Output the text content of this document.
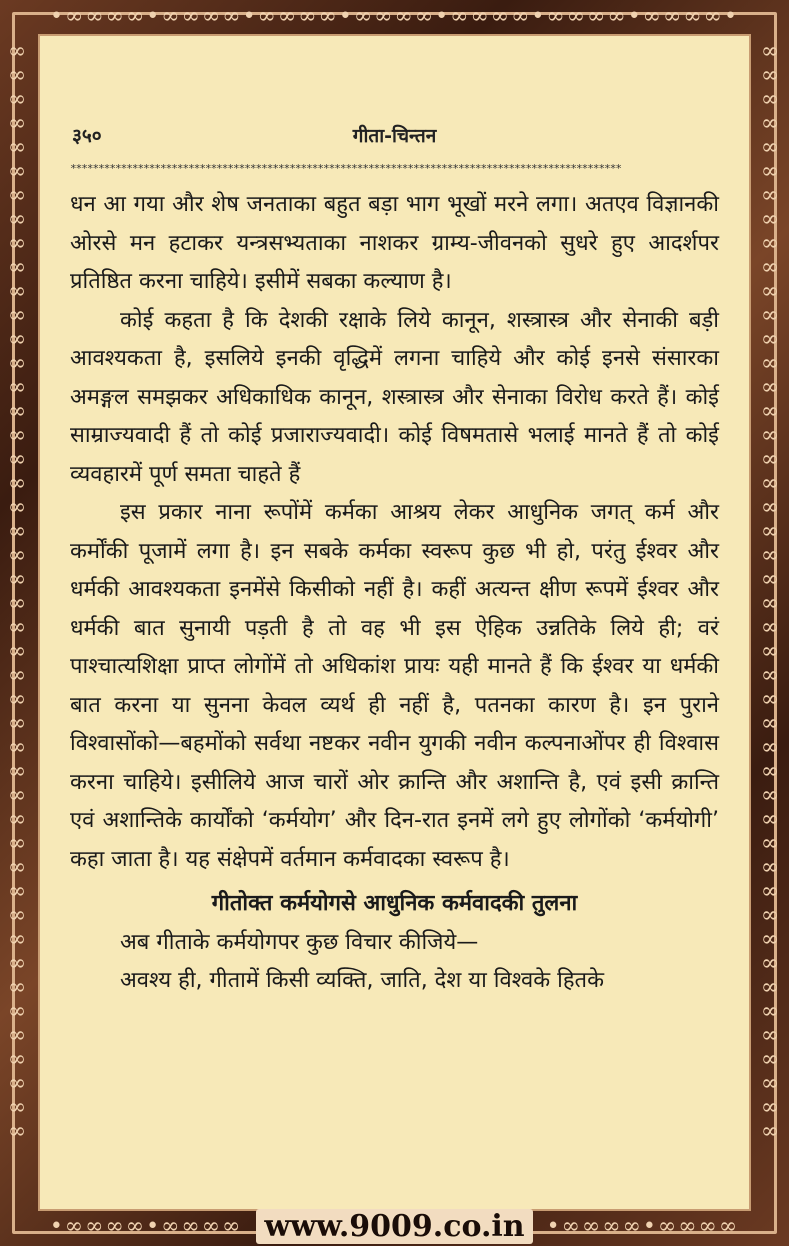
•∞∞∞∞•∞∞∞∞•∞∞∞∞•∞∞∞∞•∞∞∞∞•∞∞∞∞•∞∞∞∞•
∞∞∞∞∞∞∞∞∞∞∞∞∞∞∞∞∞∞∞∞∞∞∞∞∞∞∞∞∞∞∞∞∞∞∞∞∞∞∞∞∞∞∞∞∞∞
∞∞∞∞∞∞∞∞∞∞∞∞∞∞∞∞∞∞∞∞∞∞∞∞∞∞∞∞∞∞∞∞∞∞∞∞∞∞∞∞∞∞∞∞∞∞
३५०	गीता-चिन्तन
**************************************************************************************************

धन आ गया और शेष जनताका बहुत बड़ा भाग भूखों मरने लगा। अतएव विज्ञानकी ओरसे मन हटाकर यन्त्रसभ्यताका नाशकर ग्राम्य-जीवनको सुधरे हुए आदर्शपर प्रतिष्ठित करना चाहिये। इसीमें सबका कल्याण है।

कोई कहता है कि देशकी रक्षाके लिये कानून, शस्त्रास्त्र और सेनाकी बड़ी आवश्यकता है, इसलिये इनकी वृद्धिमें लगना चाहिये और कोई इनसे संसारका अमङ्गल समझकर अधिकाधिक कानून, शस्त्रास्त्र और सेनाका विरोध करते हैं। कोई साम्राज्यवादी हैं तो कोई प्रजाराज्यवादी। कोई विषमतासे भलाई मानते हैं तो कोई व्यवहारमें पूर्ण समता चाहते हैं

इस प्रकार नाना रूपोंमें कर्मका आश्रय लेकर आधुनिक जगत् कर्म और कर्मोंकी पूजामें लगा है। इन सबके कर्मका स्वरूप कुछ भी हो, परंतु ईश्वर और धर्मकी आवश्यकता इनमेंसे किसीको नहीं है। कहीं अत्यन्त क्षीण रूपमें ईश्वर और धर्मकी बात सुनायी पड़ती है तो वह भी इस ऐहिक उन्नतिके लिये ही; वरं पाश्चात्यशिक्षा प्राप्त लोगोंमें तो अधिकांश प्रायः यही मानते हैं कि ईश्वर या धर्मकी बात करना या सुनना केवल व्यर्थ ही नहीं है, पतनका कारण है। इन पुराने विश्वासोंको—बहमोंको सर्वथा नष्टकर नवीन युगकी नवीन कल्पनाओंपर ही विश्वास करना चाहिये। इसीलिये आज चारों ओर क्रान्ति और अशान्ति है, एवं इसी क्रान्ति एवं अशान्तिके कार्योंको ‘कर्मयोग’ और दिन-रात इनमें लगे हुए लोगोंको ‘कर्मयोगी’ कहा जाता है। यह संक्षेपमें वर्तमान कर्मवादका स्वरूप है।

गीतोक्त कर्मयोगसे आधुनिक कर्मवादकी तुलना

अब गीताके कर्मयोगपर कुछ विचार कीजिये—

अवश्य ही, गीतामें किसी व्यक्ति, जाति, देश या विश्वके हितके

•∞∞∞∞•∞∞∞∞ www.9009.co.in	•∞∞∞∞•∞∞∞∞
